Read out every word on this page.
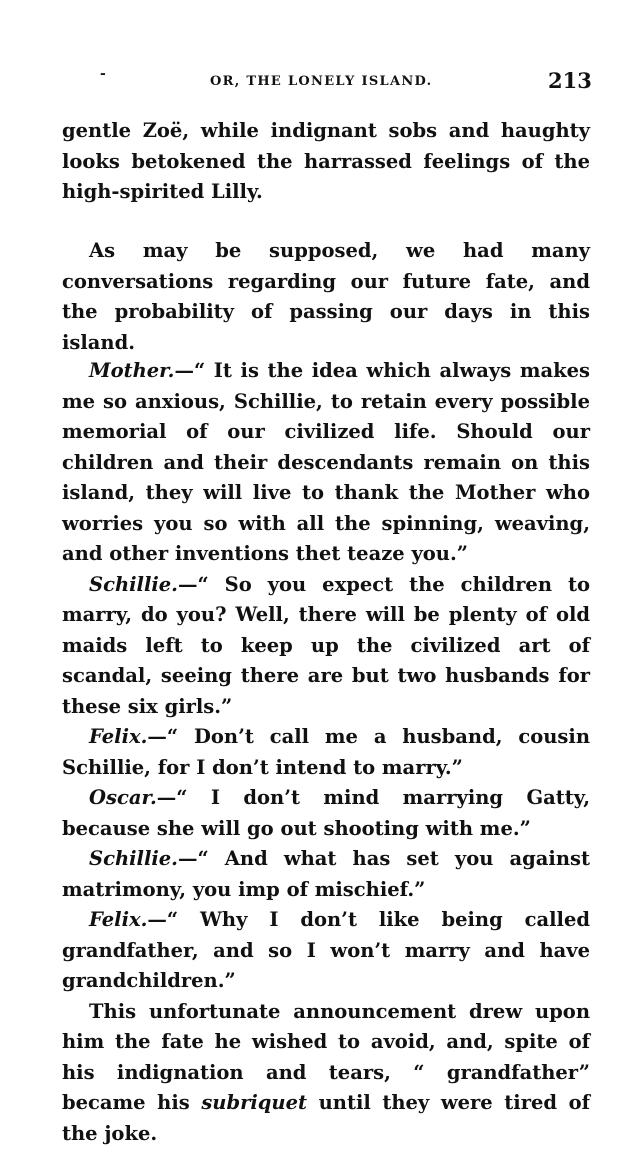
-	OR, THE LONELY ISLAND.	213
gentle Zoë, while indignant sobs and haughty looks betokened the harrassed feelings of the high-spirited Lilly.
As may be supposed, we had many conversations regarding our future fate, and the probability of passing our days in this island.

Mother.—“ It is the idea which always makes me so anxious, Schillie, to retain every possible memorial of our civilized life. Should our children and their descendants remain on this island, they will live to thank the Mother who worries you so with all the spinning, weaving, and other inventions thet teaze you.”

Schillie.—“ So you expect the children to marry, do you? Well, there will be plenty of old maids left to keep up the civilized art of scandal, seeing there are but two husbands for these six girls.”

Felix.—“ Don’t call me a husband, cousin Schillie, for I don’t intend to marry.”

Oscar.—“ I don’t mind marrying Gatty, because she will go out shooting with me.”

Schillie.—“ And what has set you against matrimony, you imp of mischief.”

Felix.—“ Why I don’t like being called grandfather, and so I won’t marry and have grandchildren.”

This unfortunate announcement drew upon him the fate he wished to avoid, and, spite of his indignation and tears, “ grandfather” became his subriquet until they were tired of the joke.
